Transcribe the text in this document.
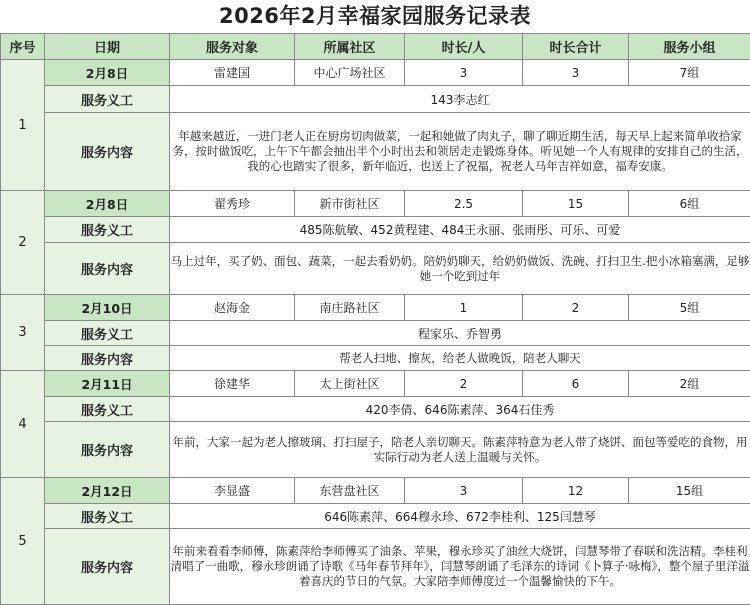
2026年2月幸福家园服务记录表
序号	日期	服务对象	所属社区	时长/人	时长合计	服务小组
1	2月8日	雷建国	中心广场社区	3	3	7组
	服务义工	143李志红				
	服务内容	年越来越近，一进门老人正在厨房切肉做菜，一起和她做了肉丸子，聊了聊近期生活，每天早上起来简单收拾家务，按时做饭吃，上午下午都会抽出半个小时出去和领居走走锻炼身体。听见她一个人有规律的安排自己的生活，我的心也踏实了很多，新年临近，也送上了祝福，祝老人马年吉祥如意，福寿安康。				
2	2月8日	翟秀珍	新市街社区	2.5	15	6组
	服务义工	485陈航敏、452黄程建、484王永丽、张雨彤、可乐、可爱				
	服务内容	马上过年，买了奶、面包、蔬菜，一起去看奶奶。陪奶奶聊天，给奶奶做饭、洗碗、打扫卫生.把小冰箱塞满，足够她一个吃到过年				
3	2月10日	赵海金	南庄路社区	1	2	5组
	服务义工	程家乐、乔智勇				
	服务内容	帮老人扫地、擦灰，给老人做晚饭，陪老人聊天				
4	2月11日	徐建华	太上街社区	2	6	2组
	服务义工	420李倩、646陈素萍、364石佳秀				
	服务内容	年前，大家一起为老人擦玻璃、打扫屋子，陪老人亲切聊天。陈素萍特意为老人带了烧饼、面包等爱吃的食物，用实际行动为老人送上温暖与关怀。				
5	2月12日	李显盛	东营盘社区	3	12	15组
	服务义工	646陈素萍、664穆永珍、672李桂利、125闫慧琴				
	服务内容	年前来看看李师傅，陈素萍给李师傅买了油条、苹果，穆永珍买了油丝大烧饼，闫慧琴带了春联和洗洁精。李桂利清唱了一曲歌，穆永珍朗诵了诗歌《马年春节拜年》，闫慧琴朗诵了毛泽东的诗词《卜算子·咏梅》，整个屋子里洋溢着喜庆的节日的气氛。大家陪李师傅度过一个温馨愉快的下午。				
